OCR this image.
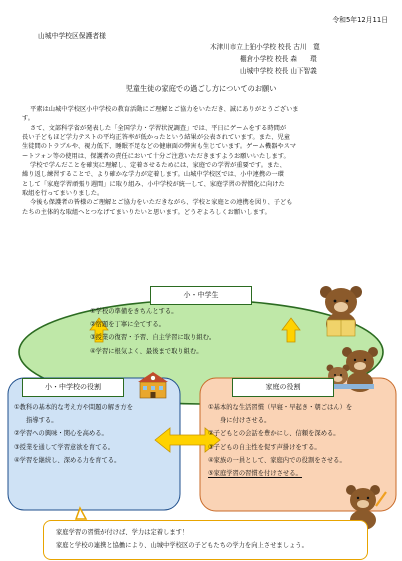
令和5年12月11日
山城中学校区保護者様
木津川市立上狛小学校 校長 古川　寛
棚倉小学校 校長 森　　環
山城中学校 校長 山下智義
児童生徒の家庭での過ごし方についてのお願い

平素は山城中学校区小中学校の教育活動にご理解とご協力をいただき、誠にありがとうございま

す。

さて、文部科学省が発表した「全国学力・学習状況調査」では、平日にゲームをする時間が

長い子どもほど学力テストの平均正答率が低かったという結果が公表されています。また、児童

生徒間のトラブルや、視力低下、睡眠不足などの健康面の弊害も生じています。ゲーム機器やスマ

ートフォン等の使用は、保護者の責任において十分ご注意いただきますようお願いいたします。

学校で学んだことを確実に理解し、定着させるためには、家庭での学習が重要です。また、

繰り返し練習することで、より確かな学力が定着します。山城中学校区では、小中連携の一環

として「家庭学習頑張り週間」に取り組み、小中学校が統一して、家庭学習の習慣化に向けた

取組を行ってまいりました。

今後も保護者の皆様のご理解とご協力をいただきながら、学校と家庭との連携を図り、子ども

たちの主体的な取組へとつなげてまいりたいと思います。どうぞよろしくお願いします。

小・中学生
①学校の準備をきちんとする。
②宿題を丁寧に全てする。
③授業の復習・予習、自主学習に取り組む。
④学習に根気よく、最後まで取り組む。
小・中学校の役割
①教科の基本的な考え方や問題の解き方を
指導する。
②学習への興味・関心を高める。
③授業を通して学習意欲を育てる。
④学習を継続し、深める力を育てる。
家庭の役割
①基本的な生活習慣（早寝・早起き・朝ごはん）を
身に付けさせる。
②子どもとの会話を豊かにし、信頼を深める。
③子どもの自主性を促す声掛けをする。
④家族の一員として、家庭内での役割をさせる。
⑤家庭学習の習慣を付けさせる。
家庭学習の習慣が付けば、学力は定着します！
家庭と学校の連携と協働により、山城中学校区の子どもたちの学力を向上させましょう。
